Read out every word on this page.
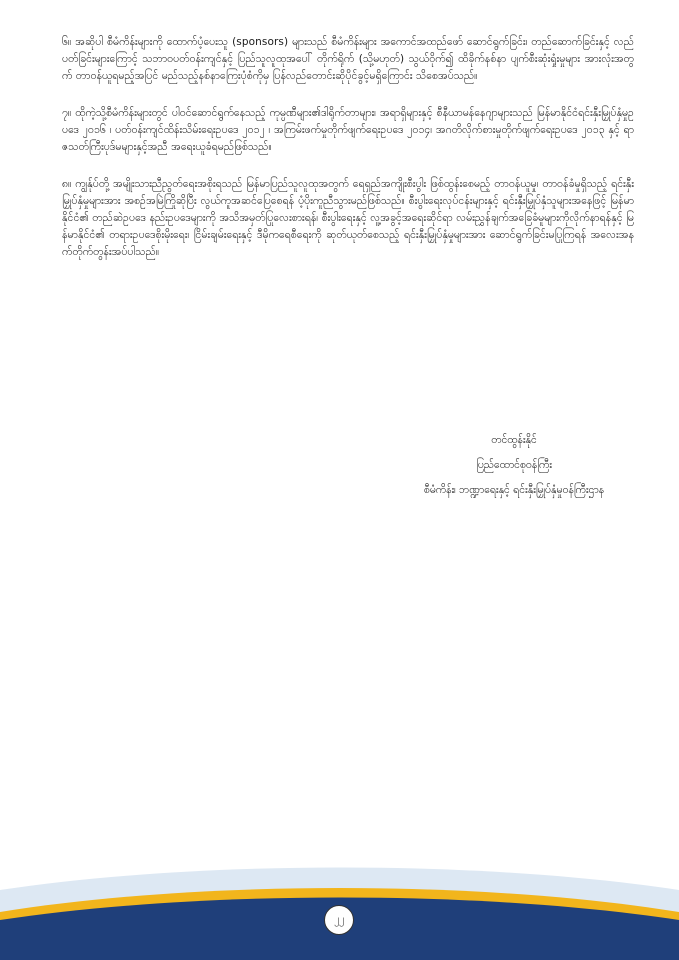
၆။ အဆိုပါ စီမံကိန်းများကို ထောက်ပံ့ပေးသူ (sponsors) များသည် စီမံကိန်းများ အကောင်အထည်ဖော် ဆောင်ရွက်ခြင်း၊ တည်ဆောက်ခြင်းနှင့် လည်ပတ်ခြင်းများကြောင့် သဘာဝပတ်ဝန်းကျင်နှင့် ပြည်သူလူထုအပေါ် တိုက်ရိုက် (သို့မဟုတ်) သွယ်ဝိုက်၍ ထိခိုက်နစ်နာ ပျက်စီးဆုံးရှုံးမှုများ အားလုံးအတွက် တာဝန်ယူရမည့်အပြင် မည်သည့်နစ်နာကြေးပုံစံကိုမှ ပြန်လည်တောင်းဆိုပိုင်ခွင့်မရှိကြောင်း သိစေအပ်သည်။

၇။ ထိုကဲ့သို့စီမံကိန်းများတွင် ပါဝင်ဆောင်ရွက်နေသည့် ကုမ္ပဏီများ၏ဒါရိုက်တာများ၊ အရာရှိများနှင့် စီနီယာမန်နေဂျာများသည် မြန်မာနိုင်ငံရင်းနှီးမြှုပ်နှံမှုဥပဒေ ၂၀၁၆ ၊ ပတ်ဝန်းကျင်ထိန်းသိမ်းရေးဥပဒေ ၂၀၁၂ ၊ အကြမ်းဖက်မှုတိုက်ဖျက်ရေးဥပဒေ ၂၀၁၄၊ အဂတိလိုက်စားမှုတိုက်ဖျက်ရေးဥပဒေ ၂၀၁၃ နှင့် ရာဇသတ်ကြီးပုဒ်မများနှင့်အညီ အရေးယူခံရမည်ဖြစ်သည်။

၈။ ကျွန်ုပ်တို့ အမျိုးသားညီညွတ်ရေးအစိုးရသည် မြန်မာပြည်သူလူထုအတွက် ရေရှည်အကျိုးစီးပွါး ဖြစ်ထွန်းစေမည့် တာဝန်ယူမှု၊ တာဝန်ခံမှုရှိသည့် ရင်းနှီးမြှုပ်နှံမှုများအား အစဉ်အမြဲကြိုဆိုပြီး လွယ်ကူအဆင်ပြေစေရန် ပံ့ပိုးကူညီသွားမည်ဖြစ်သည်။ စီးပွါးရေးလုပ်ငန်းများနှင့် ရင်းနှီးမြှုပ်နှံသူများအနေဖြင့် မြန်မာနိုင်ငံ၏ တည်ဆဲဥပဒေ နည်းဥပဒေများကို အသိအမှတ်ပြုလေးစားရန်၊ စီးပွါးရေးနှင့် လူ့အခွင့်အရေးဆိုင်ရာ လမ်းညွှန်ချက်အခြေခံမူများကိုလိုက်နာရန်နှင့် မြန်မာနိုင်ငံ၏ တရားဥပဒေစိုးမိုးရေး၊ ငြိမ်းချမ်းရေးနှင့် ဒီမိုကရေစီရေးကို ဆုတ်ယုတ်စေသည့် ရင်းနှီးမြှုပ်နှံမှုများအား ဆောင်ရွက်ခြင်းမပြုကြရန် အလေးအနက်တိုက်တွန်းအပ်ပါသည်။

တင်ထွန်းနိုင်
ပြည်ထောင်စုဝန်ကြီး
စီမံကိန်း၊ ဘဏ္ဍာရေးနှင့် ရင်းနှီးမြှုပ်နှံမှုဝန်ကြီးဌာန
၂၂
